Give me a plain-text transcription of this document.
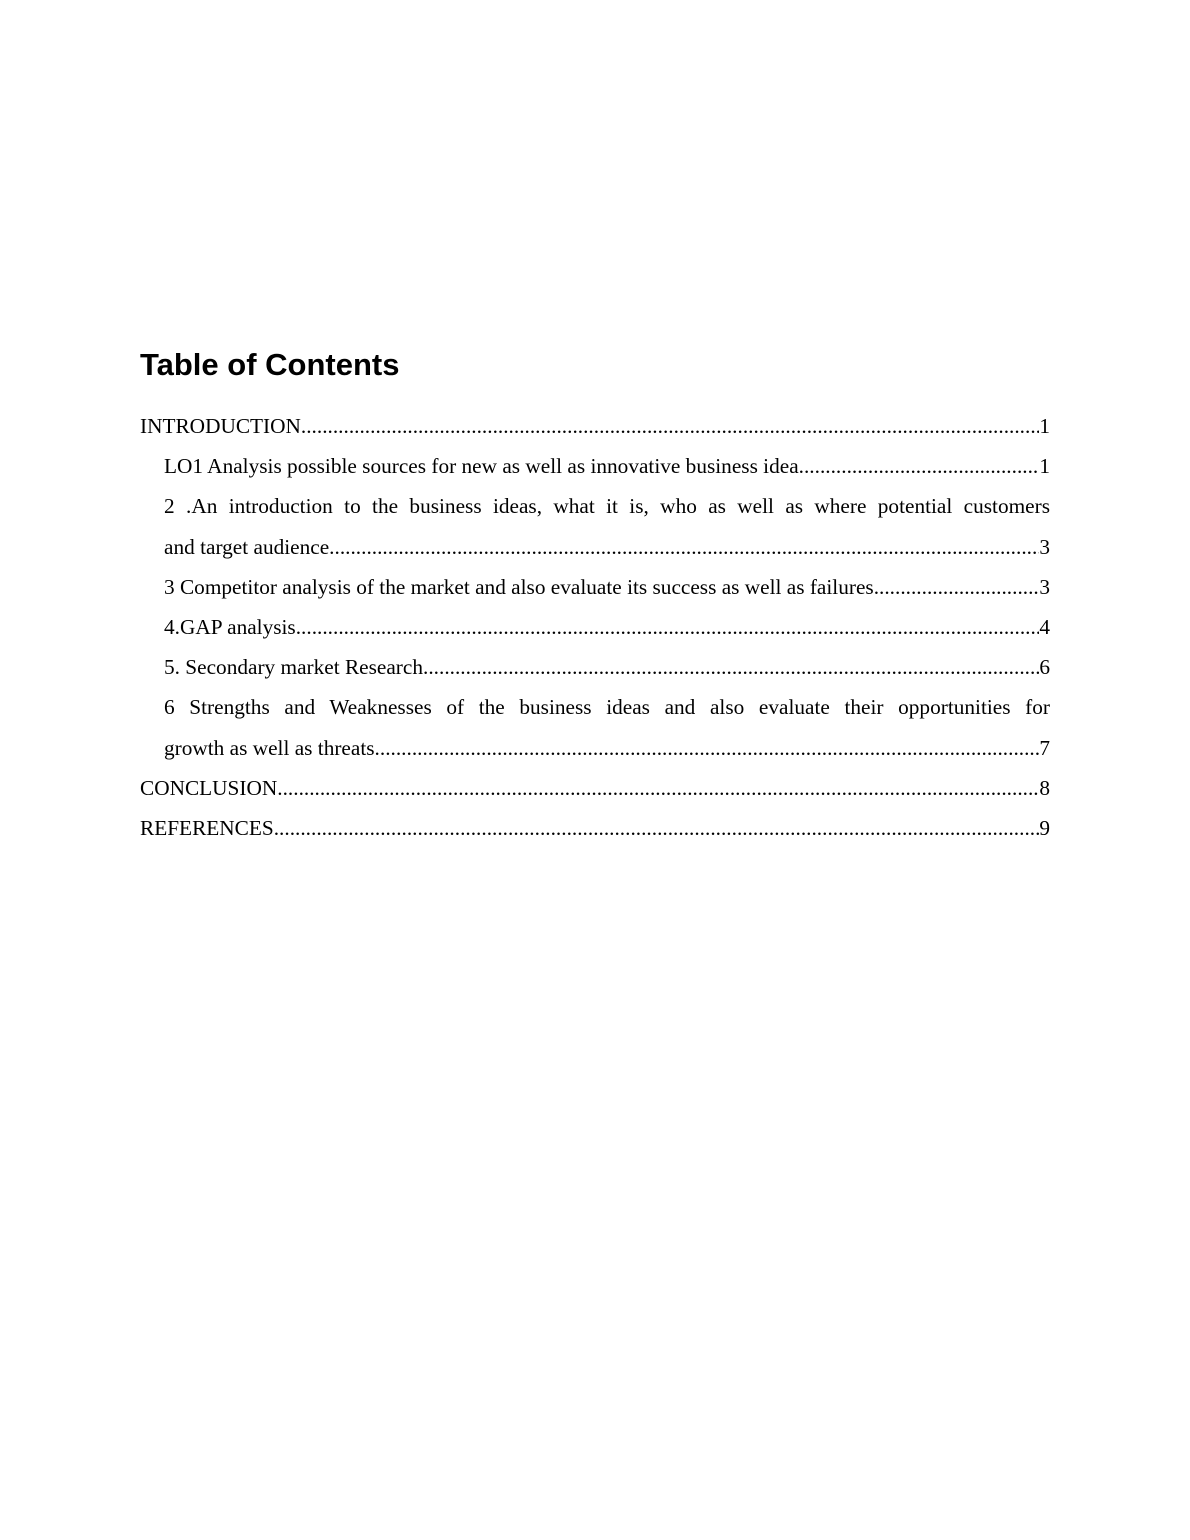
Table of Contents
INTRODUCTION .....	1
LO1 Analysis possible sources for new as well as innovative business idea .....	1
2 .An introduction to the business ideas, what it is, who as well as where potential customers
and target audience .....	3
3 Competitor analysis of the market and also evaluate its success as well as failures .....	3
4.GAP analysis .....	4
5. Secondary market Research .....	6
6 Strengths and Weaknesses of the business ideas and also evaluate their opportunities for
growth as well as threats .....	7
CONCLUSION .....	8
REFERENCES .....	9
